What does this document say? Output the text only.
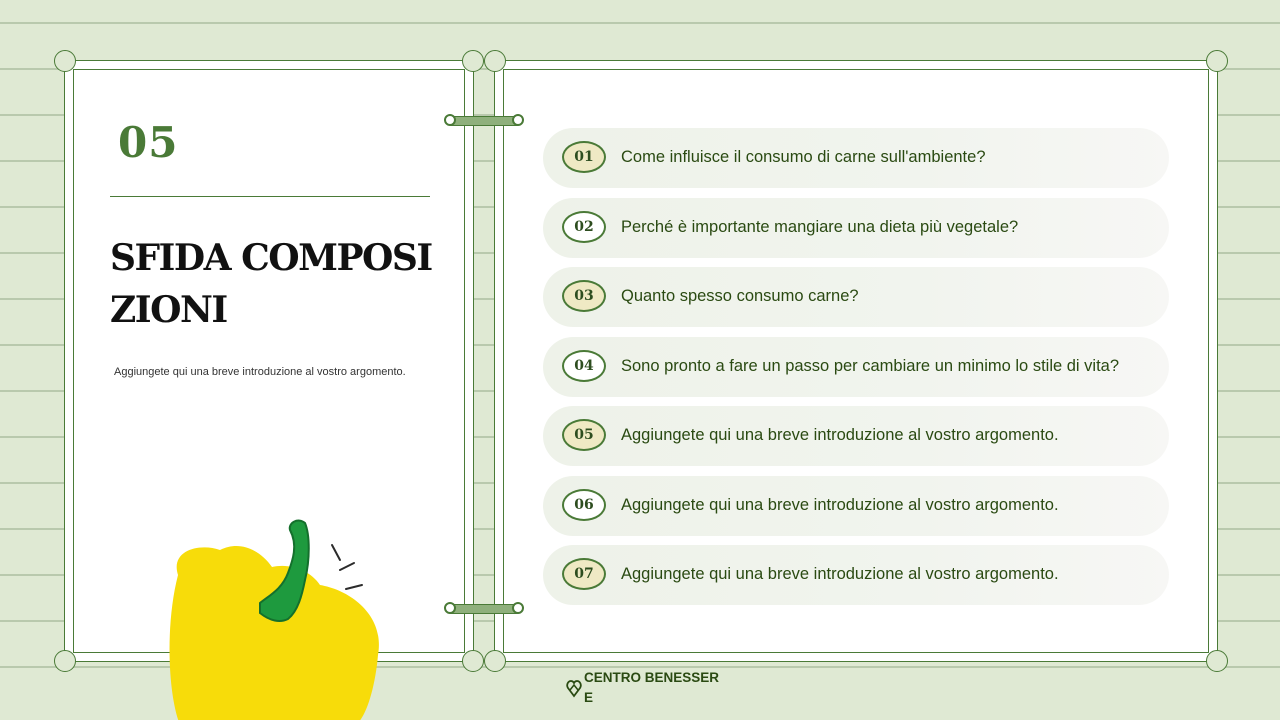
05
SFIDA COMPOSIZIONI
Aggiungete qui una breve introduzione al vostro argomento.
01	Come influisce il consumo di carne sull'ambiente?
02	Perché è importante mangiare una dieta più vegetale?
03	Quanto spesso consumo carne?
04	Sono pronto a fare un passo per cambiare un minimo lo stile di vita?
05	Aggiungete qui una breve introduzione al vostro argomento.
06	Aggiungete qui una breve introduzione al vostro argomento.
07	Aggiungete qui una breve introduzione al vostro argomento.
CENTRO BENESSERE
